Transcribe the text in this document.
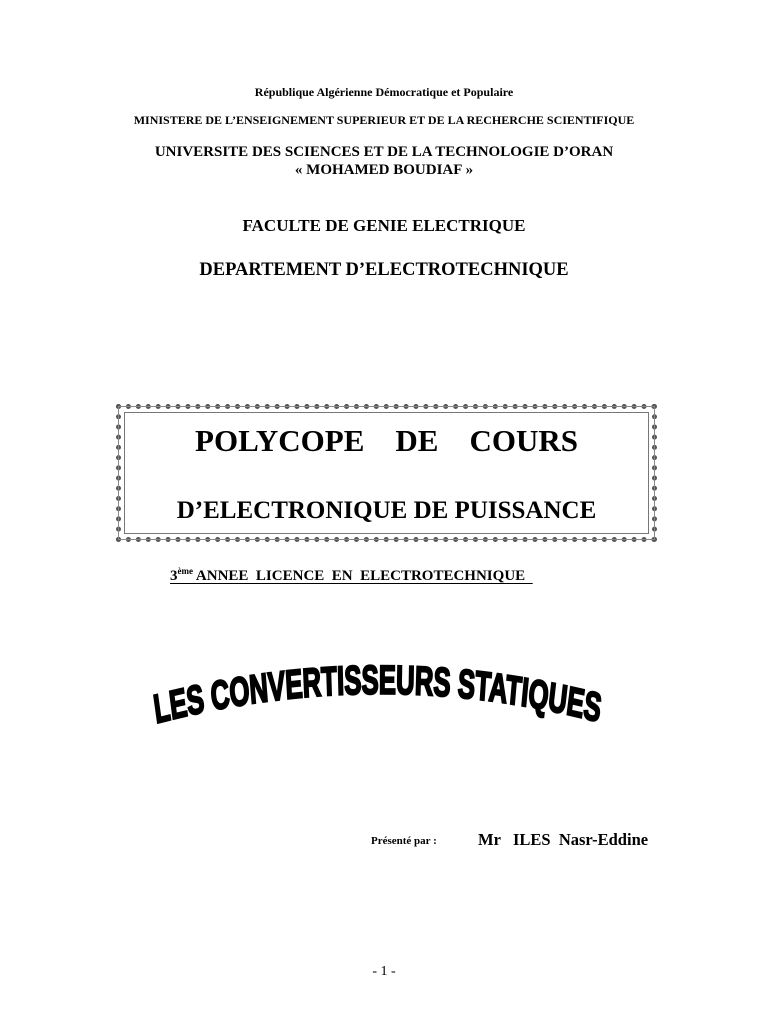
République Algérienne Démocratique et Populaire
MINISTERE DE L’ENSEIGNEMENT SUPERIEUR ET DE LA RECHERCHE SCIENTIFIQUE
UNIVERSITE DES SCIENCES ET DE LA TECHNOLOGIE D’ORAN
« MOHAMED BOUDIAF »
FACULTE DE GENIE ELECTRIQUE
DEPARTEMENT D’ELECTROTECHNIQUE
POLYCOPE    DE    COURS
D’ELECTRONIQUE DE PUISSANCE
3ème ANNEE  LICENCE  EN  ELECTROTECHNIQUE
LES CONVERTISSEURS STATIQUES
Présenté par : Mr   ILES  Nasr-Eddine
- 1 -
